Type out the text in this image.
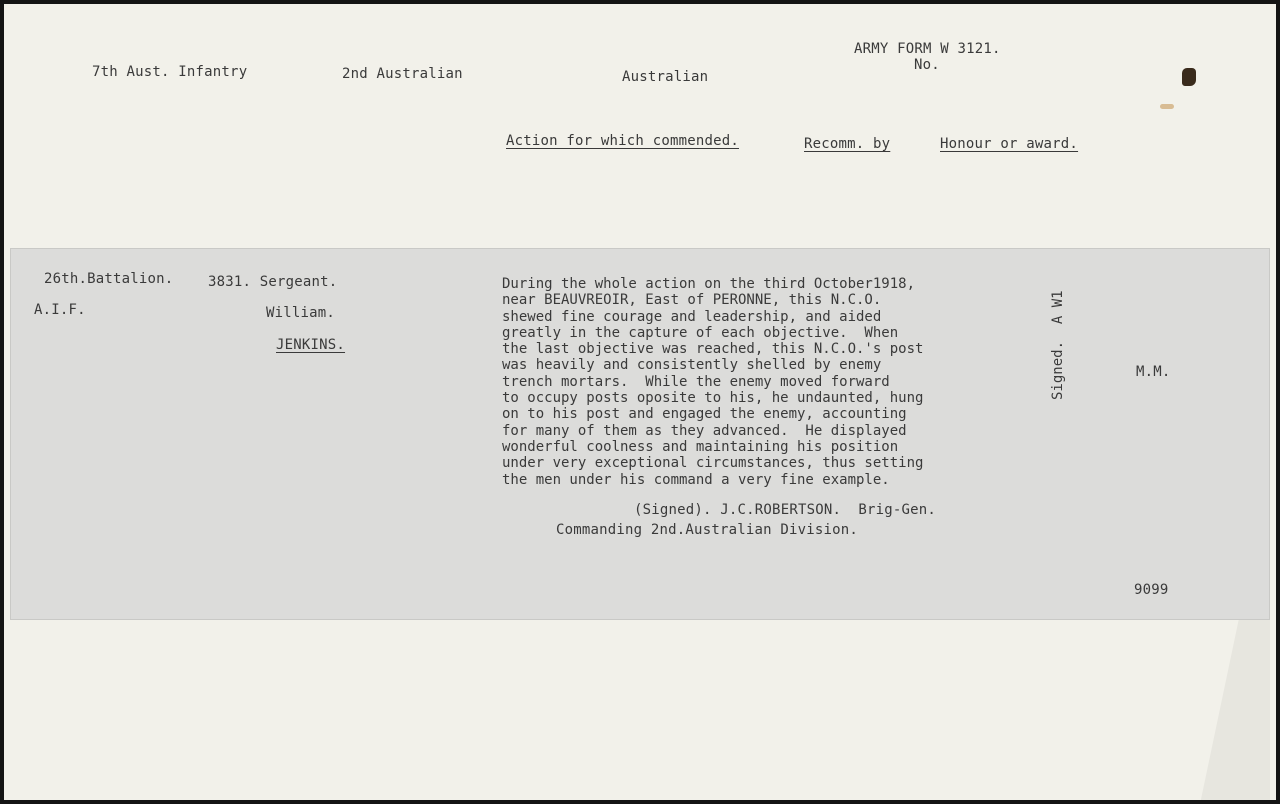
7th Aust. Infantry	2nd Australian	Australian
ARMY FORM W 3121.
No.
Action for which commended.	Recomm. by	Honour or award.
26th.Battalion.
A.I.F.
3831. Sergeant.
William.
JENKINS.
During the whole action on the third October1918,
near BEAUVREOIR, East of PERONNE, this N.C.O.
shewed fine courage and leadership, and aided
greatly in the capture of each objective.  When
the last objective was reached, this N.C.O.'s post
was heavily and consistently shelled by enemy
trench mortars.  While the enemy moved forward
to occupy posts oposite to his, he undaunted, hung
on to his post and engaged the enemy, accounting
for many of them as they advanced.  He displayed
wonderful coolness and maintaining his position
under very exceptional circumstances, thus setting
the men under his command a very fine example.
(Signed). J.C.ROBERTSON.  Brig-Gen.
Commanding 2nd.Australian Division.
Signed.  A W1	M.M.
9099
